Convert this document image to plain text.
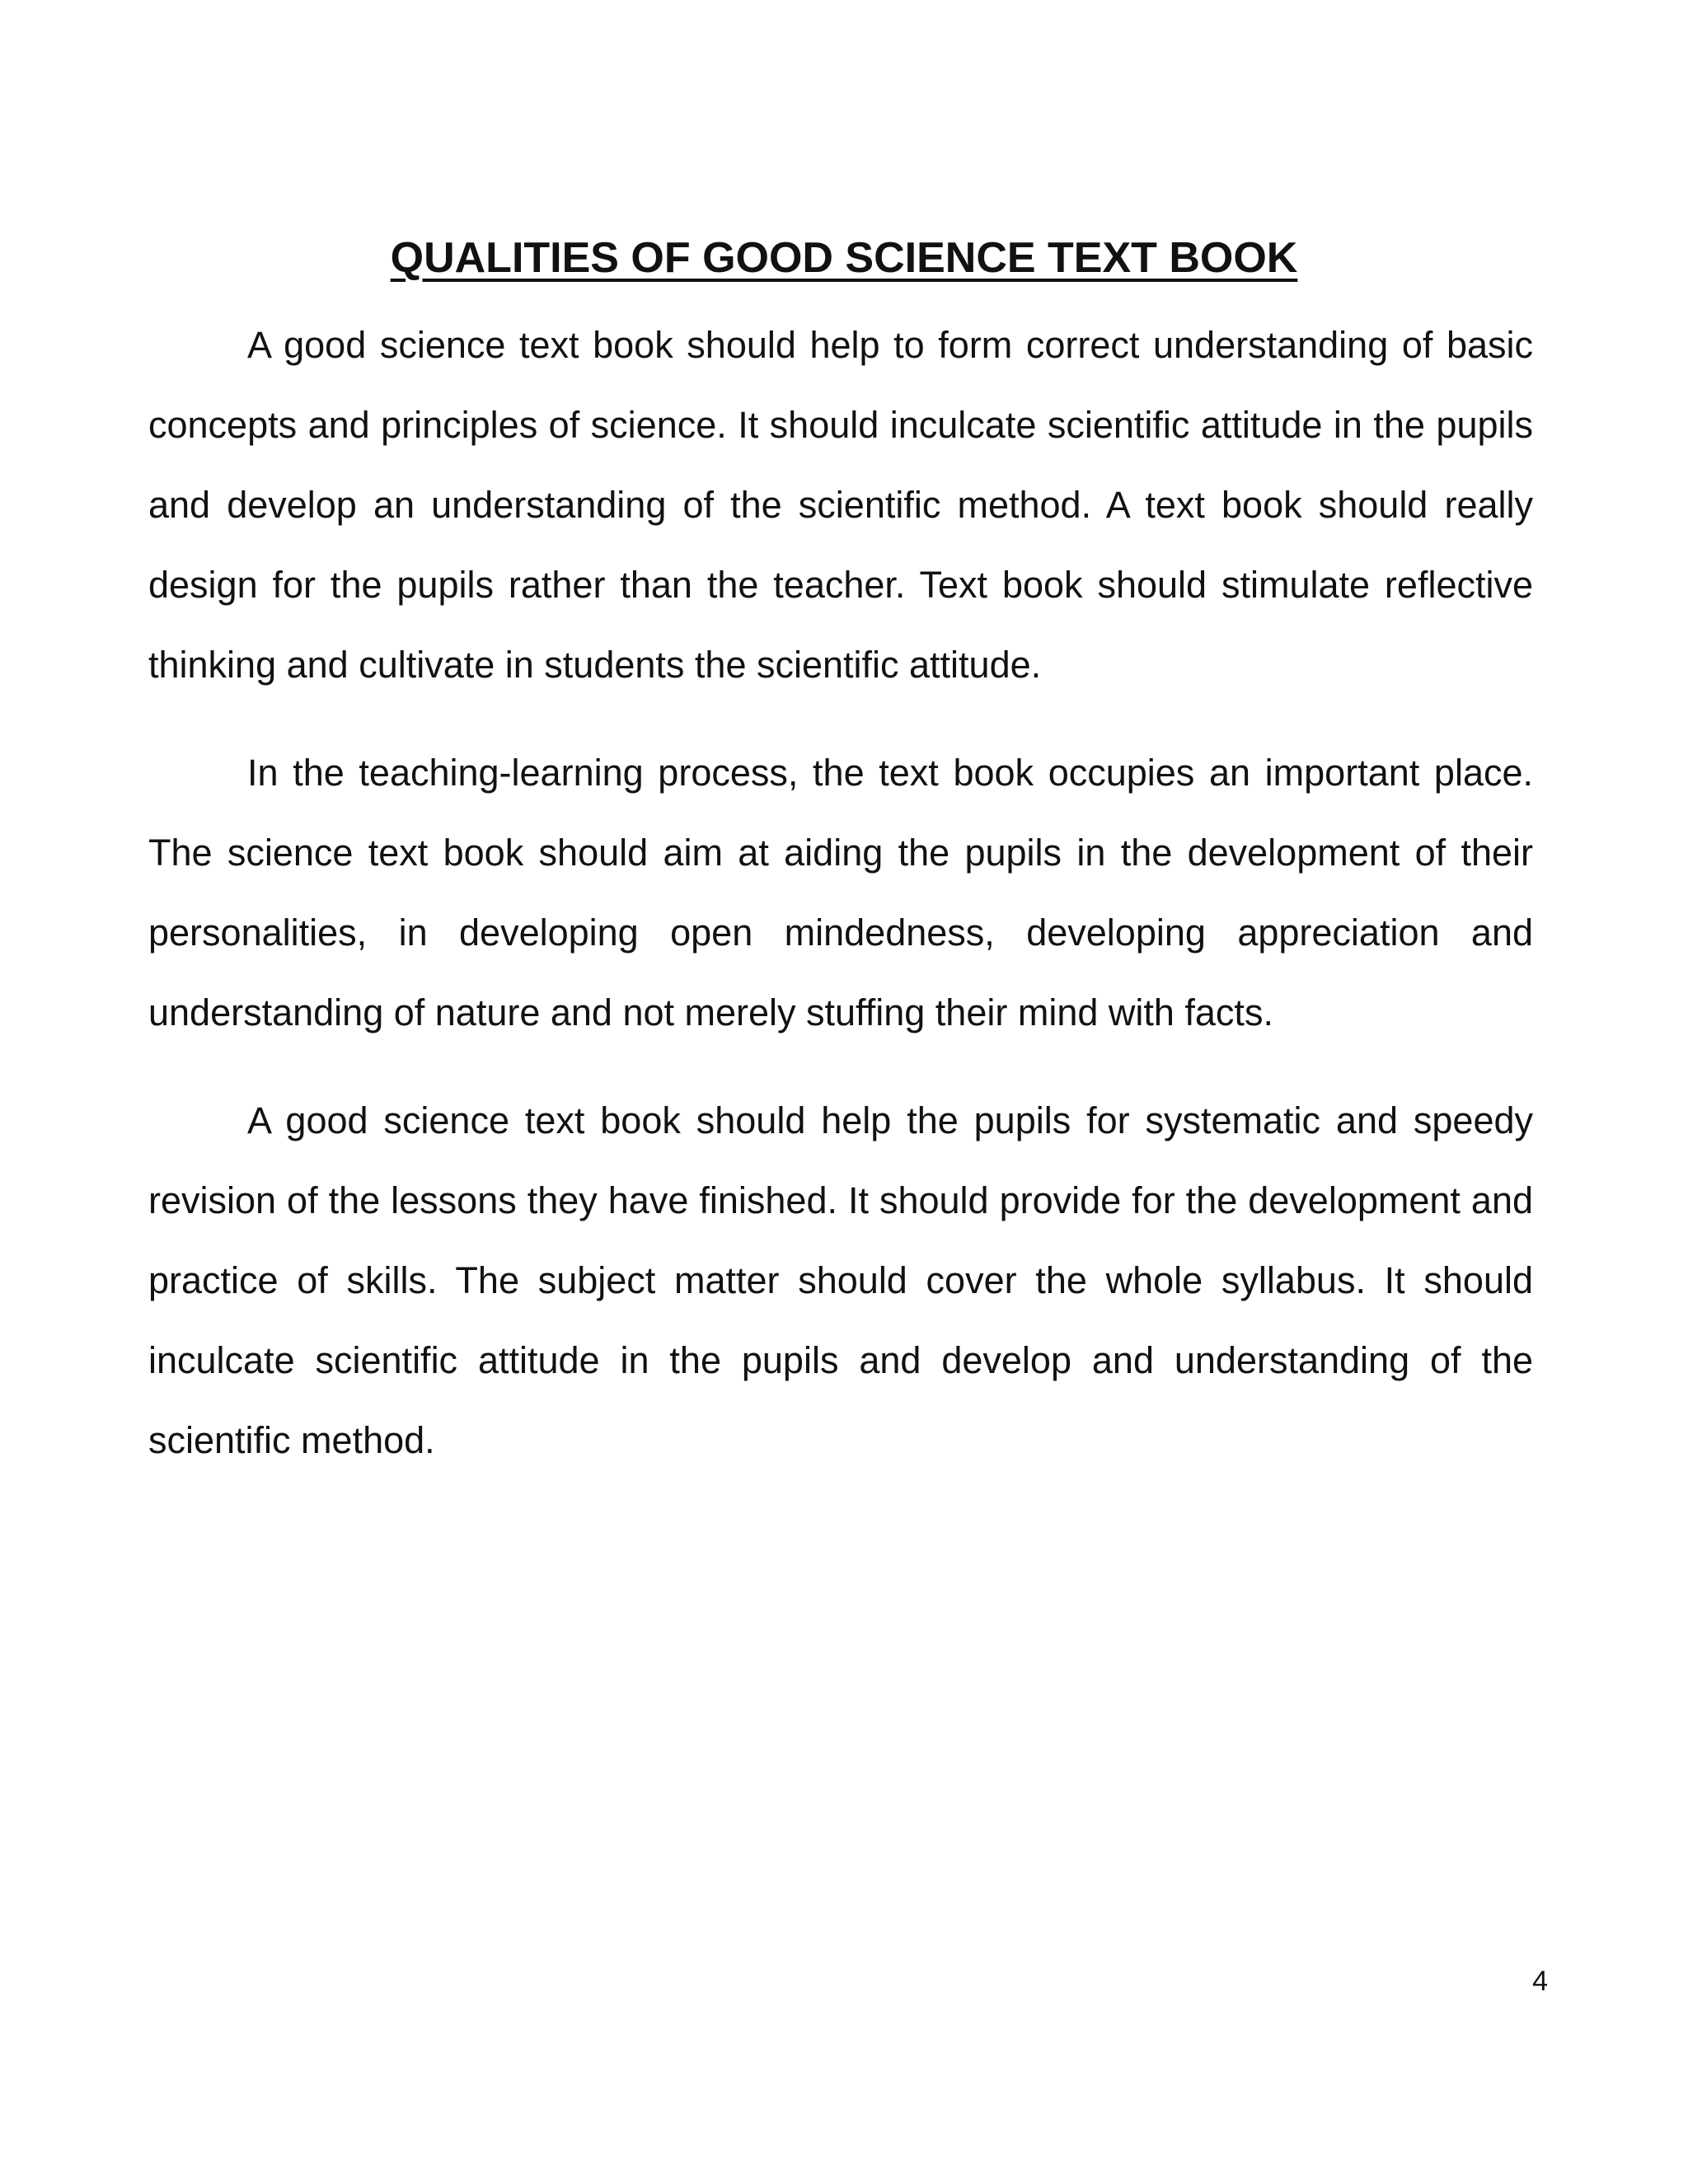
QUALITIES OF GOOD SCIENCE TEXT BOOK

A good science text book should help to form correct understanding of basic concepts and principles of science. It should inculcate scientific attitude in the pupils and develop an understanding of the scientific method. A text book should really design for the pupils rather than the teacher. Text book should stimulate reflective thinking and cultivate in students the scientific attitude.

In the teaching-learning process, the text book occupies an important place. The science text book should aim at aiding the pupils in the development of their personalities, in developing open mindedness, developing appreciation and understanding of nature and not merely stuffing their mind with facts.

A good science text book should help the pupils for systematic and speedy revision of the lessons they have finished. It should provide for the development and practice of skills. The subject matter should cover the whole syllabus. It should inculcate scientific attitude in the pupils and develop and understanding of the scientific method.

4
